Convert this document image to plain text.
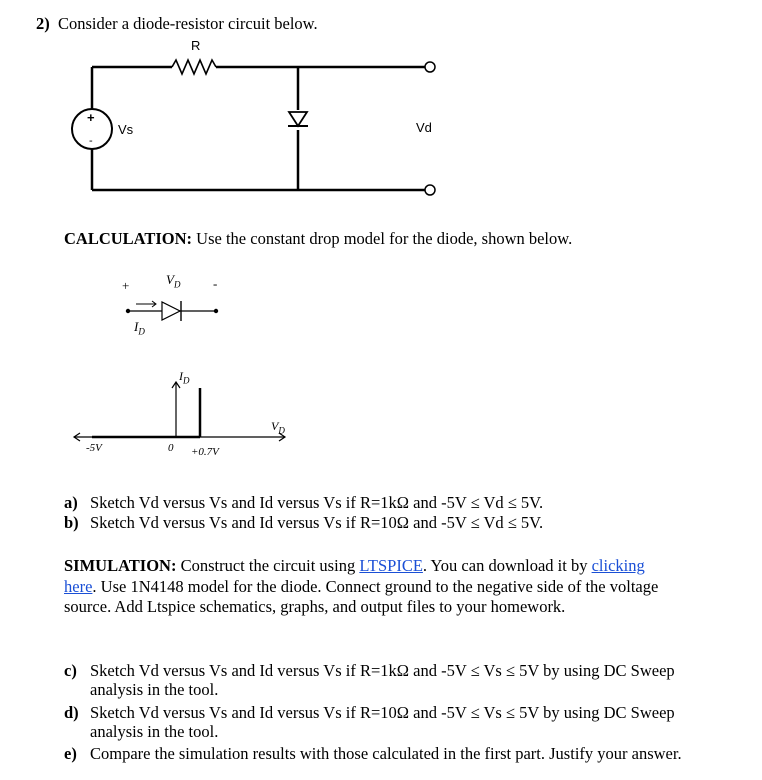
2) Consider a diode-resistor circuit below.
R
+
-
Vs	Vd
CALCULATION: Use the constant drop model for the diode, shown below.
+	$V_D$	-
$I_D$
$I_D$
$V_D$
-5V	0 +0.7V
a) Sketch Vd versus Vs and Id versus Vs if R=1kΩ and -5V ≤ Vd ≤ 5V.
b) Sketch Vd versus Vs and Id versus Vs if R=10Ω and -5V ≤ Vd ≤ 5V.
SIMULATION: Construct the circuit using LTSPICE. You can download it by clicking
here. Use 1N4148 model for the diode. Connect ground to the negative side of the voltage
source. Add Ltspice schematics, graphs, and output files to your homework.
c) Sketch Vd versus Vs and Id versus Vs if R=1kΩ and -5V ≤ Vs ≤ 5V by using DC Sweep
analysis in the tool.
d) Sketch Vd versus Vs and Id versus Vs if R=10Ω and -5V ≤ Vs ≤ 5V by using DC Sweep
analysis in the tool.
e) Compare the simulation results with those calculated in the first part. Justify your answer.
